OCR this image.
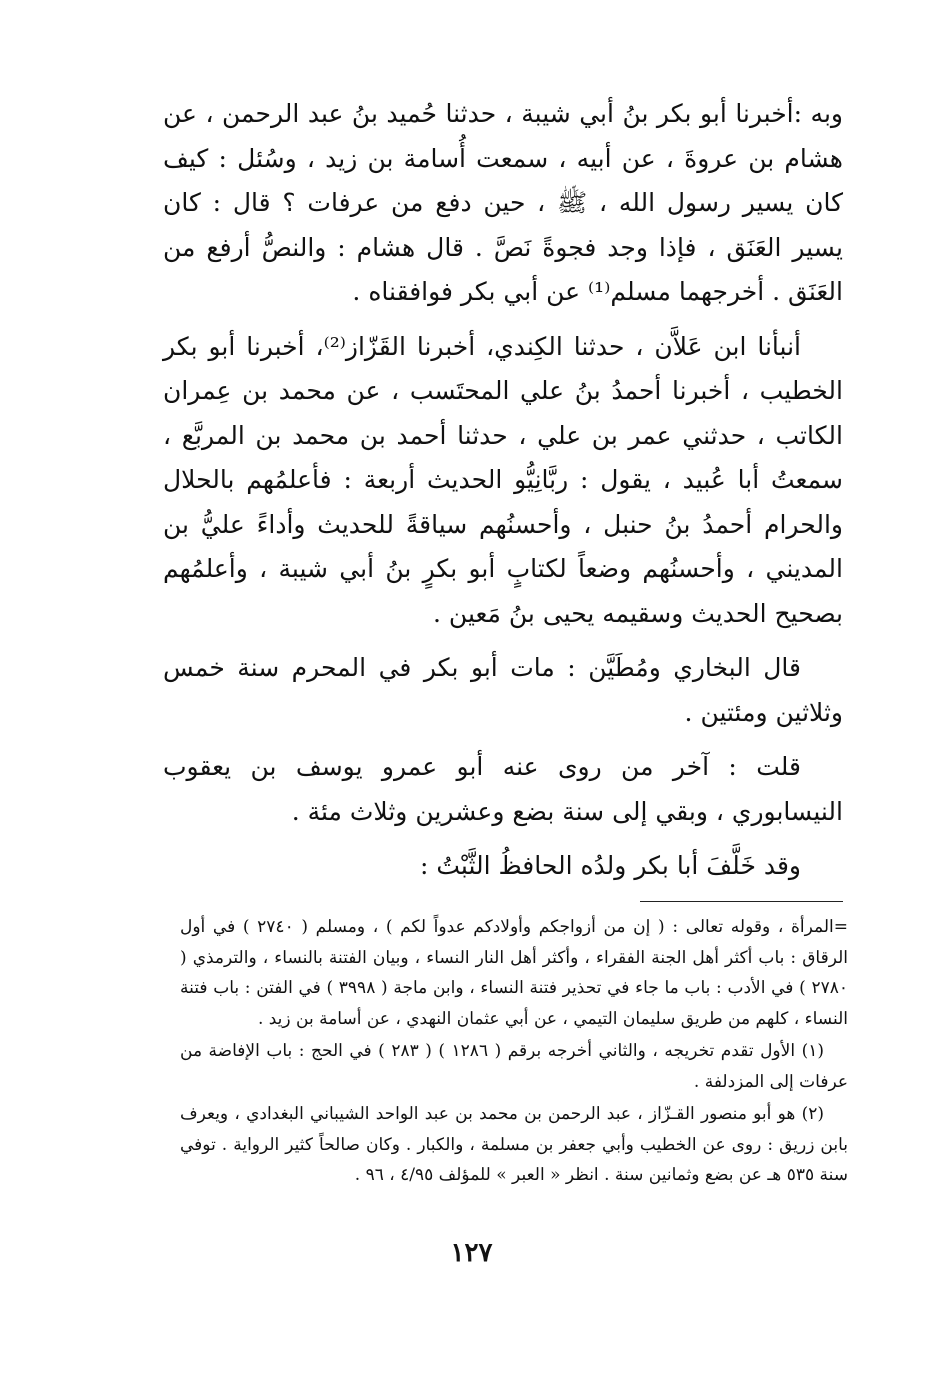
وبه :أخبرنا أبو بكر بنُ أبي شيبة ، حدثنا حُميد بنُ عبد الرحمن ، عن هشام بن عروةَ ، عن أبيه ، سمعت أُسامة بن زيد ، وسُئل : كيف كان يسير رسول الله ، ﷺ ، حين دفع من عرفات ؟ قال : كان يسير العَنَق ، فإذا وجد فجوةً نَصَّ . قال هشام : والنصُّ أرفع من العَنَق . أخرجهما مسلم⁽¹⁾ عن أبي بكر فوافقناه .

أنبأنا ابن عَلاَّن ، حدثنا الكِندي، أخبرنا القَزّاز⁽²⁾، أخبرنا أبو بكر الخطيب ، أخبرنا أحمدُ بنُ علي المحتَسب ، عن محمد بن عِمران الكاتب ، حدثني عمر بن علي ، حدثنا أحمد بن محمد بن المربَّع ، سمعتُ أبا عُبيد ، يقول : ربَّانِيُّو الحديث أربعة : فأعلمُهم بالحلال والحرام أحمدُ بنُ حنبل ، وأحسنُهم سياقةً للحديث وأداءً عليُّ بن المديني ، وأحسنُهم وضعاً لكتابٍ أبو بكرٍ بنُ أبي شيبة ، وأعلمُهم بصحيح الحديث وسقيمه يحيى بنُ مَعين .

قال البخاري ومُطَيَّن : مات أبو بكر في المحرم سنة خمس وثلاثين ومئتين .

قلت : آخر من روى عنه أبو عمرو يوسف بن يعقوب النيسابوري ، وبقي إلى سنة بضع وعشرين وثلاث مئة .

وقد خَلَّفَ أبا بكر ولدُه الحافظُ الثَّبْتُ :

=المرأة ، وقوله تعالى : ( إن من أزواجكم وأولادكم عدواً لكم ) ، ومسلم ( ٢٧٤٠ ) في أول الرقاق : باب أكثر أهل الجنة الفقراء ، وأكثر أهل النار النساء ، وبيان الفتنة بالنساء ، والترمذي ( ٢٧٨٠ ) في الأدب : باب ما جاء في تحذير فتنة النساء ، وابن ماجة ( ٣٩٩٨ ) في الفتن : باب فتنة النساء ، كلهم من طريق سليمان التيمي ، عن أبي عثمان النهدي ، عن أسامة بن زيد .

(١) الأول تقدم تخريجه ، والثاني أخرجه برقم ( ١٢٨٦ ) ( ٢٨٣ ) في الحج : باب الإفاضة من عرفات إلى المزدلفة .

(٢) هو أبو منصور القـزّاز ، عبد الرحمن بن محمد بن عبد الواحد الشيباني البغدادي ، ويعرف بابن زريق : روى عن الخطيب وأبي جعفر بن مسلمة ، والكبار . وكان صالحاً كثير الرواية . توفي سنة ٥٣٥ هـ عن بضع وثمانين سنة . انظر « العبر » للمؤلف ٤/٩٥ ، ٩٦ .

١٢٧
